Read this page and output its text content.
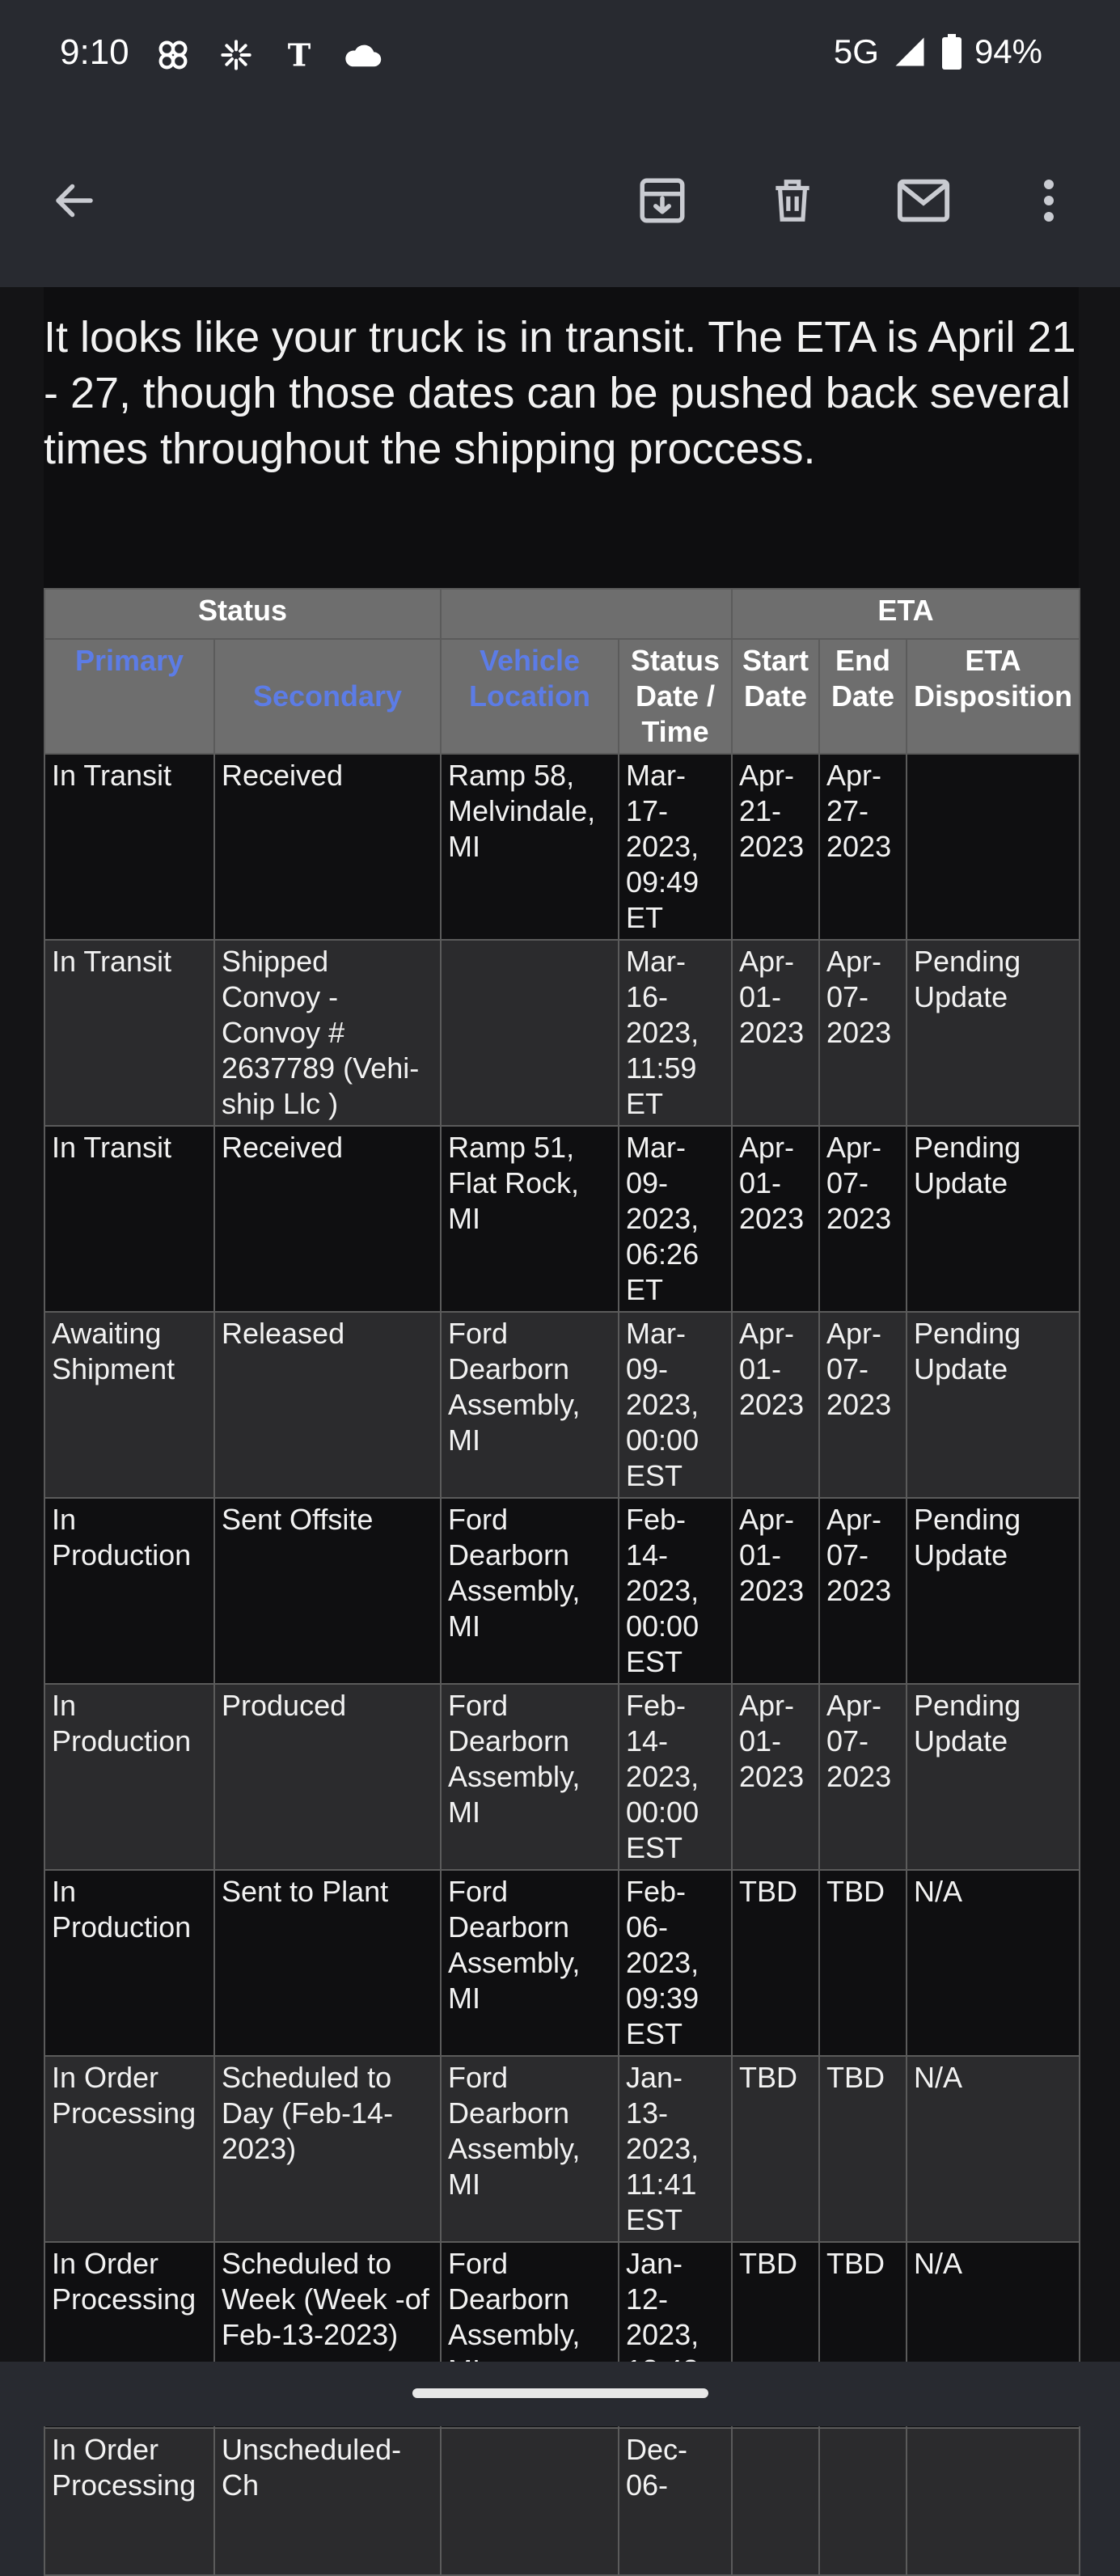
9:10	T	5G	94%
It looks like your truck is in transit. The ETA is April 21 - 27, though those dates can be pushed back several times throughout the shipping proccess.
Status				ETA		
Primary	Secondary	Vehicle Location	Status Date / Time	Start Date	End Date	ETA Disposition
In Transit	Received	Ramp 58, Melvindale, MI	Mar-17-2023, 09:49 ET	Apr-21-2023	Apr-27-2023	
In Transit	Shipped Convoy - Convoy # 2637789 (Vehi-ship Llc )		Mar-16-2023, 11:59 ET	Apr-01-2023	Apr-07-2023	Pending Update
In Transit	Received	Ramp 51, Flat Rock, MI	Mar-09-2023, 06:26 ET	Apr-01-2023	Apr-07-2023	Pending Update
Awaiting Shipment	Released	Ford Dearborn Assembly, MI	Mar-09-2023, 00:00 EST	Apr-01-2023	Apr-07-2023	Pending Update
In Production	Sent Offsite	Ford Dearborn Assembly, MI	Feb-14-2023, 00:00 EST	Apr-01-2023	Apr-07-2023	Pending Update
In Production	Produced	Ford Dearborn Assembly, MI	Feb-14-2023, 00:00 EST	Apr-01-2023	Apr-07-2023	Pending Update
In Production	Sent to Plant	Ford Dearborn Assembly, MI	Feb-06-2023, 09:39 EST	TBD	TBD	N/A
In Order Processing	Scheduled to Day (Feb-14-2023)	Ford Dearborn Assembly, MI	Jan-13-2023, 11:41 EST	TBD	TBD	N/A
In Order Processing	Scheduled to Week (Week -of Feb-13-2023)	Ford Dearborn Assembly,	Jan-12-2023,	TBD	TBD	N/A
In Order Processing	Unscheduled-Ch		Dec-06-			
